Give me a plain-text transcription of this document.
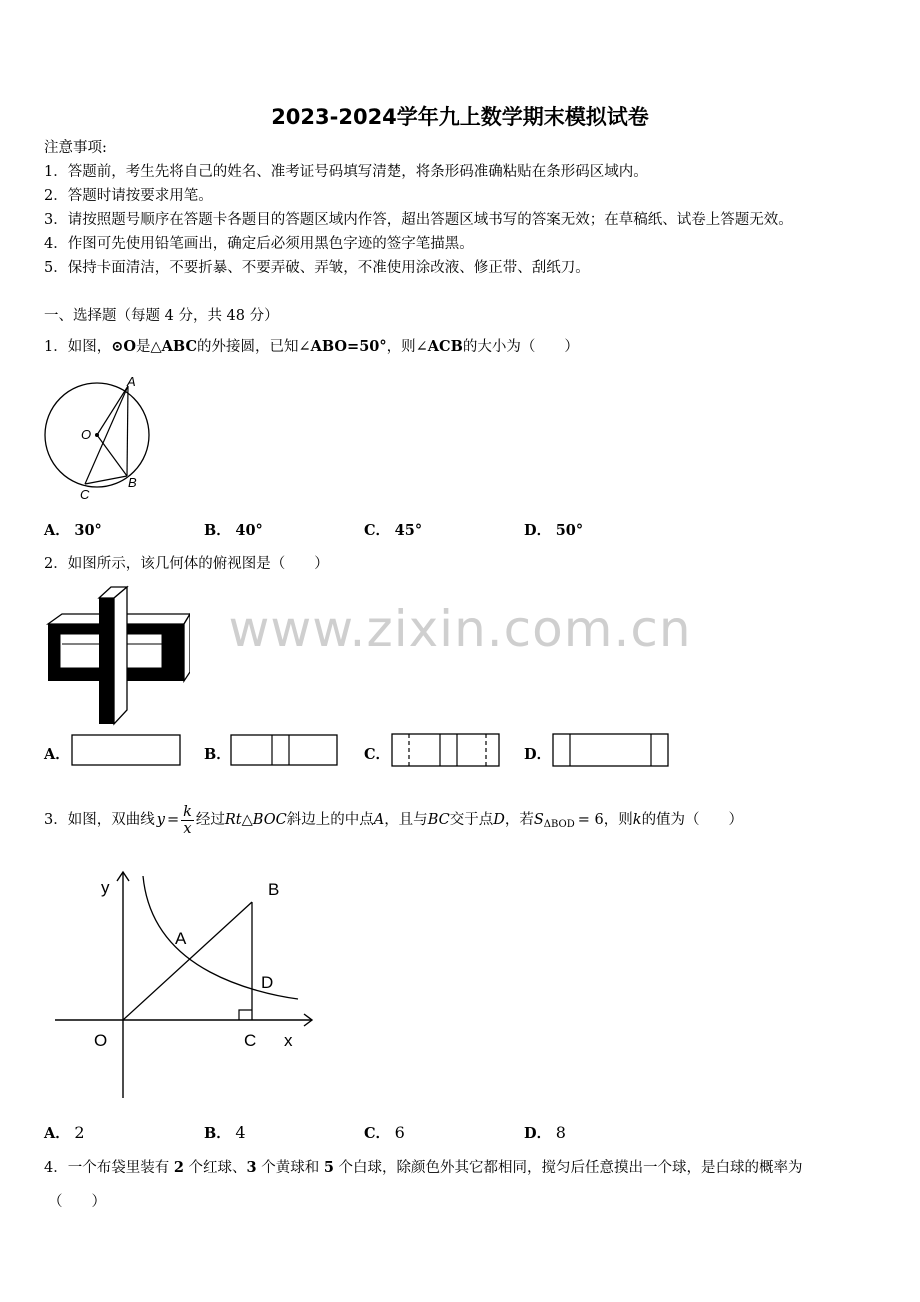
2023-2024学年九上数学期末模拟试卷
注意事项:
1．答题前，考生先将自己的姓名、准考证号码填写清楚，将条形码准确粘贴在条形码区域内。
2．答题时请按要求用笔。
3．请按照题号顺序在答题卡各题目的答题区域内作答，超出答题区域书写的答案无效；在草稿纸、试卷上答题无效。
4．作图可先使用铅笔画出，确定后必须用黑色字迹的签字笔描黑。
5．保持卡面清洁，不要折暴、不要弄破、弄皱，不准使用涂改液、修正带、刮纸刀。
一、选择题（每题 4 分，共 48 分）
1．如图，⊙O是△ABC的外接圆，已知∠ABO=50°，则∠ACB的大小为（　　）
A
O
C
B
A． 30°	B． 40°	C． 45°	D． 50°
2．如图所示，该几何体的俯视图是（　　）
A．	B．	C．	D．
www.zixin.com.cn
3． 如图，双曲线 $y = \frac{k}{x}$ 经过 Rt△BOC 斜边上的中点 A ，且与 BC 交于点 D ，若 S ΔBOD = 6 ，则 k 的值为（　　）
y	B
A
D
O	C x
A． 2	B． 4	C． 6	D． 8
4．一个布袋里装有 2 个红球、3 个黄球和 5 个白球，除颜色外其它都相同，搅匀后任意摸出一个球，是白球的概率为
（　　）
